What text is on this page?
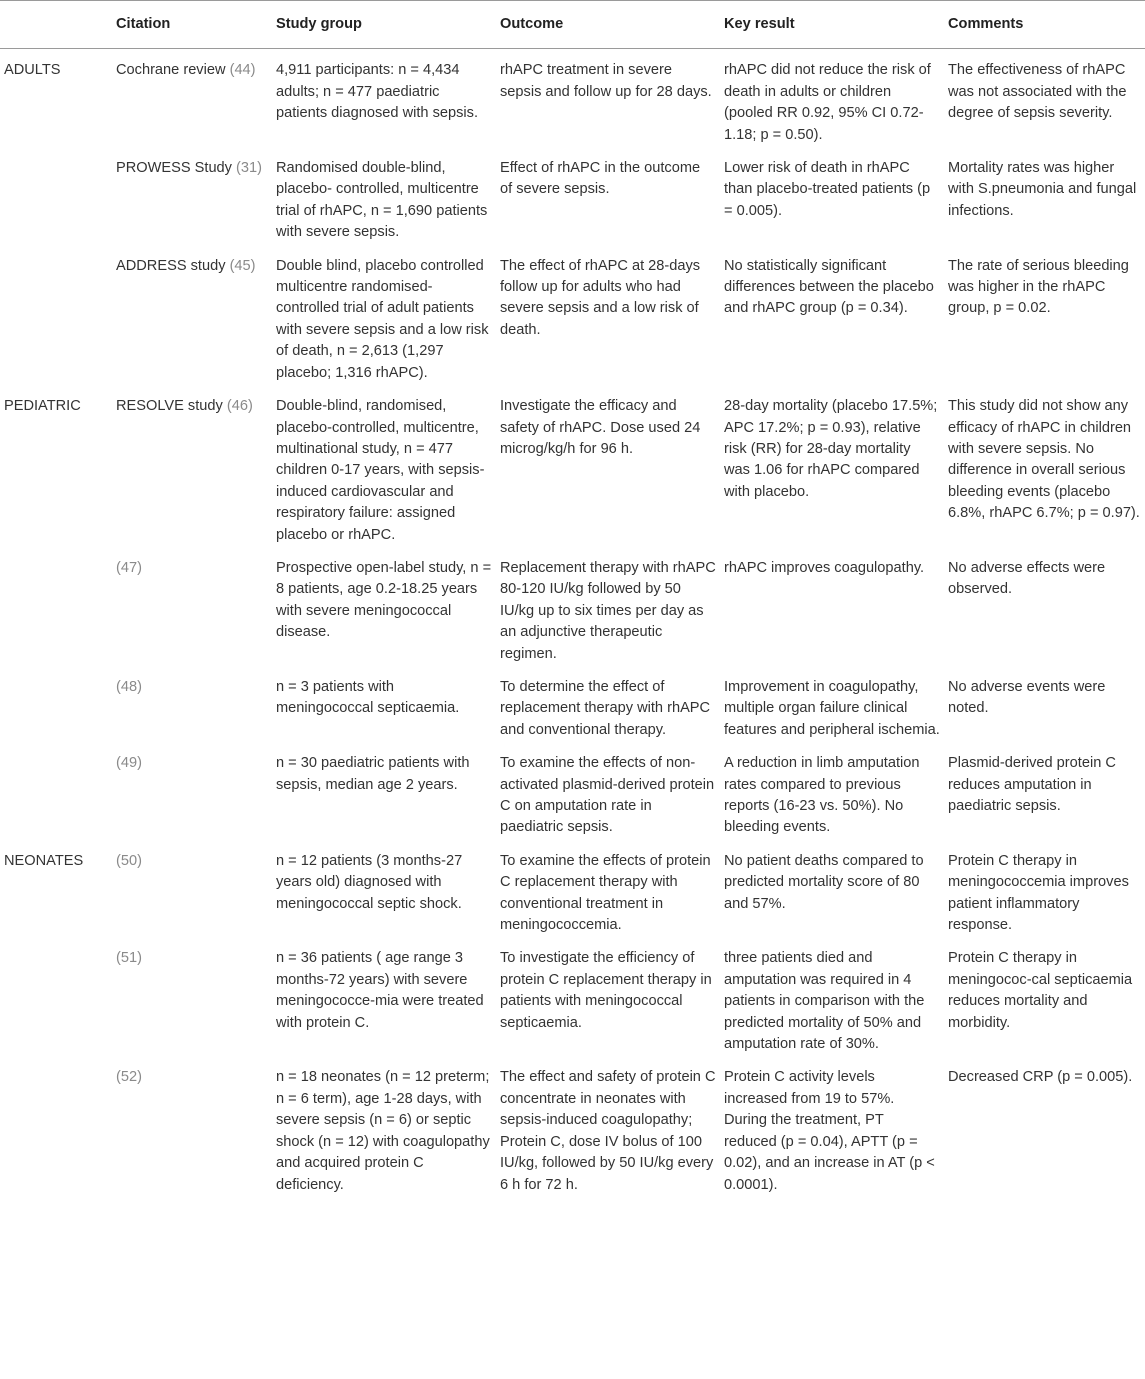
	Citation	Study group	Outcome	Key result	Comments
ADULTS	Cochrane review (44)	4,911 participants: n = 4,434 adults; n = 477 paediatric patients diagnosed with sepsis.	rhAPC treatment in severe sepsis and follow up for 28 days.	rhAPC did not reduce the risk of death in adults or children (pooled RR 0.92, 95% CI 0.72-1.18; p = 0.50).	The effectiveness of rhAPC was not associated with the degree of sepsis severity.
	PROWESS Study (31)	Randomised double-blind, placebo- controlled, multicentre trial of rhAPC, n = 1,690 patients with severe sepsis.	Effect of rhAPC in the outcome of severe sepsis.	Lower risk of death in rhAPC than placebo-treated patients (p = 0.005).	Mortality rates was higher with S.pneumonia and fungal infections.
	ADDRESS study (45)	Double blind, placebo controlled multicentre randomised-controlled trial of adult patients with severe sepsis and a low risk of death, n = 2,613 (1,297 placebo; 1,316 rhAPC).	The effect of rhAPC at 28-days follow up for adults who had severe sepsis and a low risk of death.	No statistically significant differences between the placebo and rhAPC group (p = 0.34).	The rate of serious bleeding was higher in the rhAPC group, p = 0.02.
PEDIATRIC	RESOLVE study (46)	Double-blind, randomised, placebo-controlled, multicentre, multinational study, n = 477 children 0-17 years, with sepsis-induced cardiovascular and respiratory failure: assigned placebo or rhAPC.	Investigate the efficacy and safety of rhAPC. Dose used 24 microg/kg/h for 96 h.	28-day mortality (placebo 17.5%; APC 17.2%; p = 0.93), relative risk (RR) for 28-day mortality was 1.06 for rhAPC compared with placebo.	This study did not show any efficacy of rhAPC in children with severe sepsis. No difference in overall serious bleeding events (placebo 6.8%, rhAPC 6.7%; p = 0.97).
	(47)	Prospective open-label study, n = 8 patients, age 0.2-18.25 years with severe meningococcal disease.	Replacement therapy with rhAPC 80-120 IU/kg followed by 50 IU/kg up to six times per day as an adjunctive therapeutic regimen.	rhAPC improves coagulopathy.	No adverse effects were observed.
	(48)	n = 3 patients with meningococcal septicaemia.	To determine the effect of replacement therapy with rhAPC and conventional therapy.	Improvement in coagulopathy, multiple organ failure clinical features and peripheral ischemia.	No adverse events were noted.
	(49)	n = 30 paediatric patients with sepsis, median age 2 years.	To examine the effects of non-activated plasmid-derived protein C on amputation rate in paediatric sepsis.	A reduction in limb amputation rates compared to previous reports (16-23 vs. 50%). No bleeding events.	Plasmid-derived protein C reduces amputation in paediatric sepsis.
NEONATES	(50)	n = 12 patients (3 months-27 years old) diagnosed with meningococcal septic shock.	To examine the effects of protein C replacement therapy with conventional treatment in meningococcemia.	No patient deaths compared to predicted mortality score of 80 and 57%.	Protein C therapy in meningococcemia improves patient inflammatory response.
	(51)	n = 36 patients ( age range 3 months-72 years) with severe meningococce-mia were treated with protein C.	To investigate the efficiency of protein C replacement therapy in patients with meningococcal septicaemia.	three patients died and amputation was required in 4 patients in comparison with the predicted mortality of 50% and amputation rate of 30%.	Protein C therapy in meningococ-cal septicaemia reduces mortality and morbidity.
	(52)	n = 18 neonates (n = 12 preterm; n = 6 term), age 1-28 days, with severe sepsis (n = 6) or septic shock (n = 12) with coagulopathy and acquired protein C deficiency.	The effect and safety of protein C concentrate in neonates with sepsis-induced coagulopathy; Protein C, dose IV bolus of 100 IU/kg, followed by 50 IU/kg every 6 h for 72 h.	Protein C activity levels increased from 19 to 57%. During the treatment, PT reduced (p = 0.04), APTT (p = 0.02), and an increase in AT (p < 0.0001).	Decreased CRP (p = 0.005).
